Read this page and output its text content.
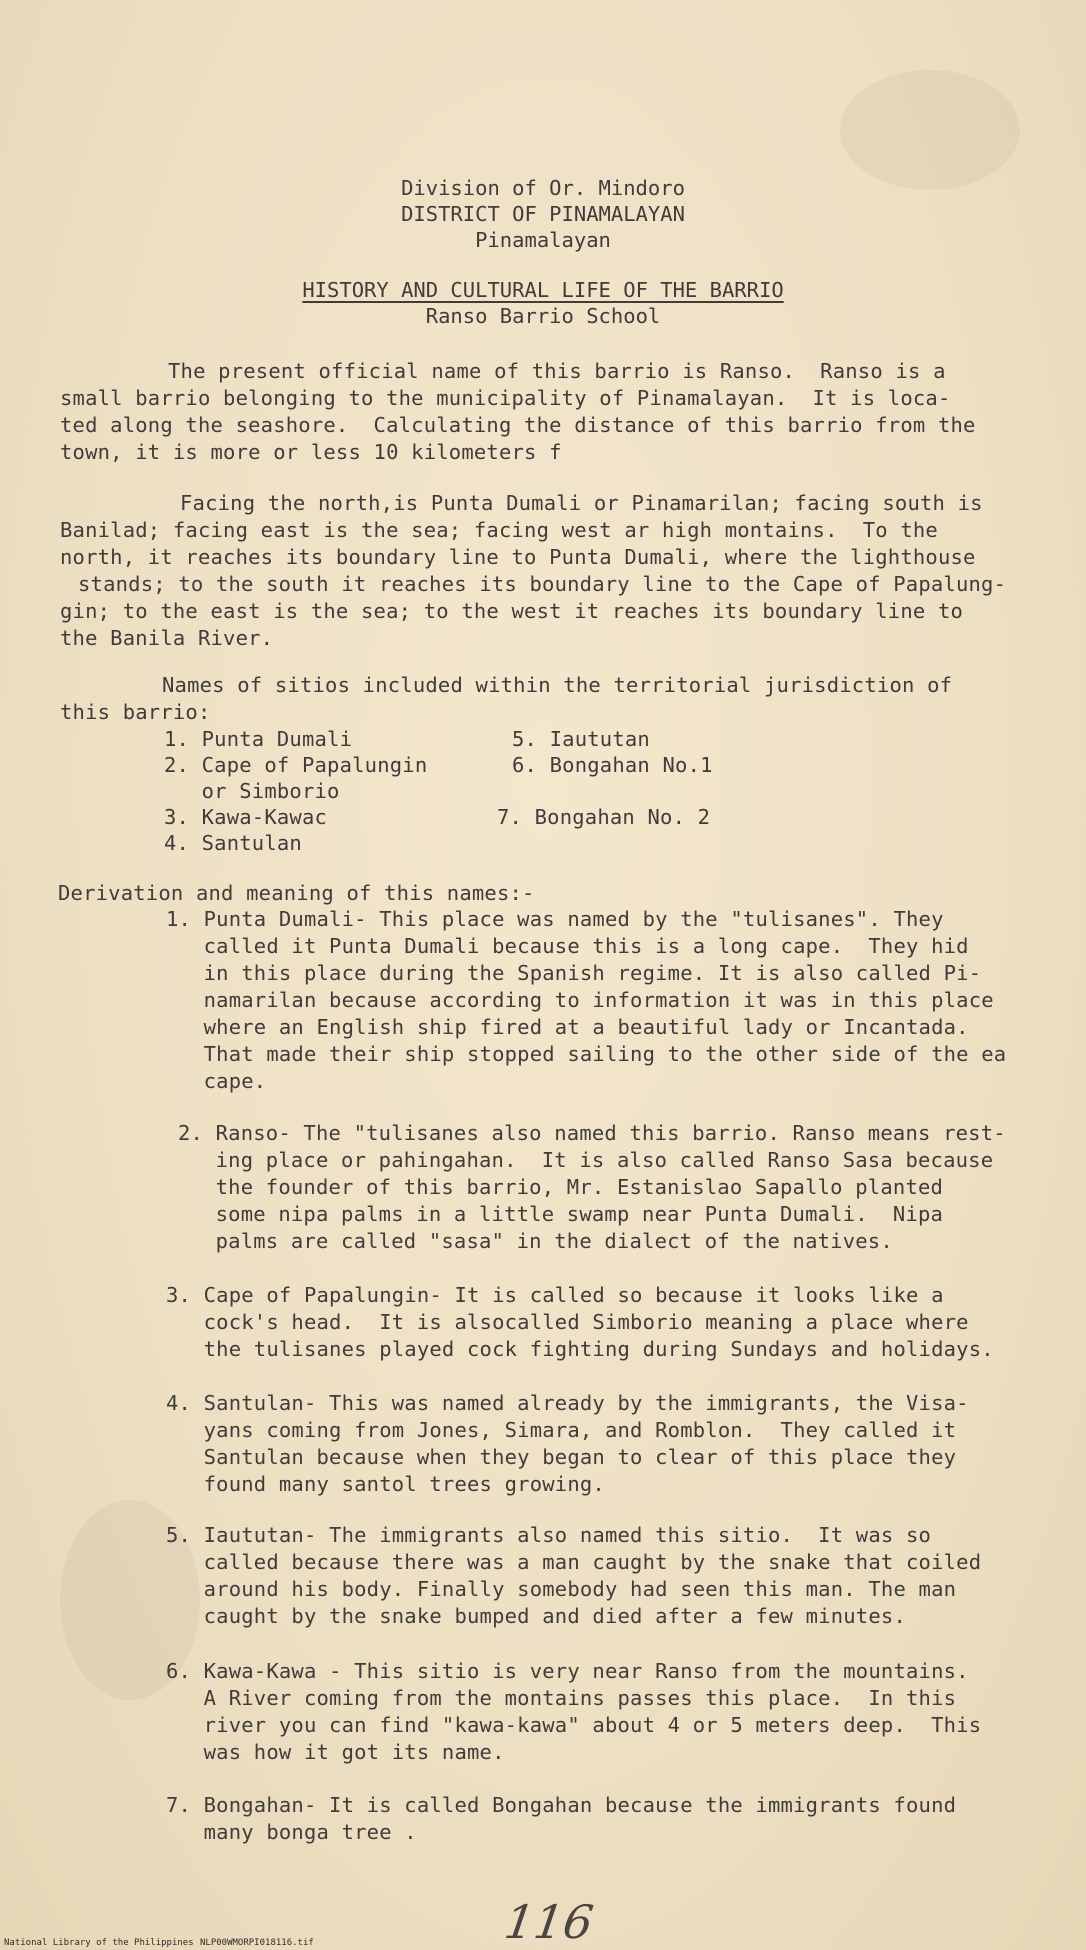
Division of Or. Mindoro
DISTRICT OF PINAMALAYAN
Pinamalayan
HISTORY AND CULTURAL LIFE OF THE BARRIO
Ranso Barrio School
The present official name of this barrio is Ranso.  Ranso is a
small barrio belonging to the municipality of Pinamalayan.  It is loca-
ted along the seashore.  Calculating the distance of this barrio from the
town, it is more or less 10 kilometers f
Facing the north,is Punta Dumali or Pinamarilan; facing south is
Banilad; facing east is the sea; facing west ar high montains.  To the
north, it reaches its boundary line to Punta Dumali, where the lighthouse
stands; to the south it reaches its boundary line to the Cape of Papalung-
gin; to the east is the sea; to the west it reaches its boundary line to
the Banila River.
Names of sitios included within the territorial jurisdiction of
this barrio:
1. Punta Dumali
2. Cape of Papalungin
or Simborio
3. Kawa-Kawac
4. Santulan
5. Iaututan
6. Bongahan No.1
7. Bongahan No. 2
Derivation and meaning of this names:-
1. Punta Dumali- This place was named by the "tulisanes". They
called it Punta Dumali because this is a long cape.  They hid
in this place during the Spanish regime. It is also called Pi-
namarilan because according to information it was in this place
where an English ship fired at a beautiful lady or Incantada.
That made their ship stopped sailing to the other side of the ea
cape.
2. Ranso- The "tulisanes also named this barrio. Ranso means rest-
ing place or pahingahan.  It is also called Ranso Sasa because
the founder of this barrio, Mr. Estanislao Sapallo planted
some nipa palms in a little swamp near Punta Dumali.  Nipa
palms are called "sasa" in the dialect of the natives.
3. Cape of Papalungin- It is called so because it looks like a
cock's head.  It is alsocalled Simborio meaning a place where
the tulisanes played cock fighting during Sundays and holidays.
4. Santulan- This was named already by the immigrants, the Visa-
yans coming from Jones, Simara, and Romblon.  They called it
Santulan because when they began to clear of this place they
found many santol trees growing.
5. Iaututan- The immigrants also named this sitio.  It was so
called because there was a man caught by the snake that coiled
around his body. Finally somebody had seen this man. The man
caught by the snake bumped and died after a few minutes.
6. Kawa-Kawa - This sitio is very near Ranso from the mountains.
A River coming from the montains passes this place.  In this
river you can find "kawa-kawa" about 4 or 5 meters deep.  This
was how it got its name.
7. Bongahan- It is called Bongahan because the immigrants found
many bonga tree .
116
National Library of the Philippines NLP00WMORPI018116.tif
